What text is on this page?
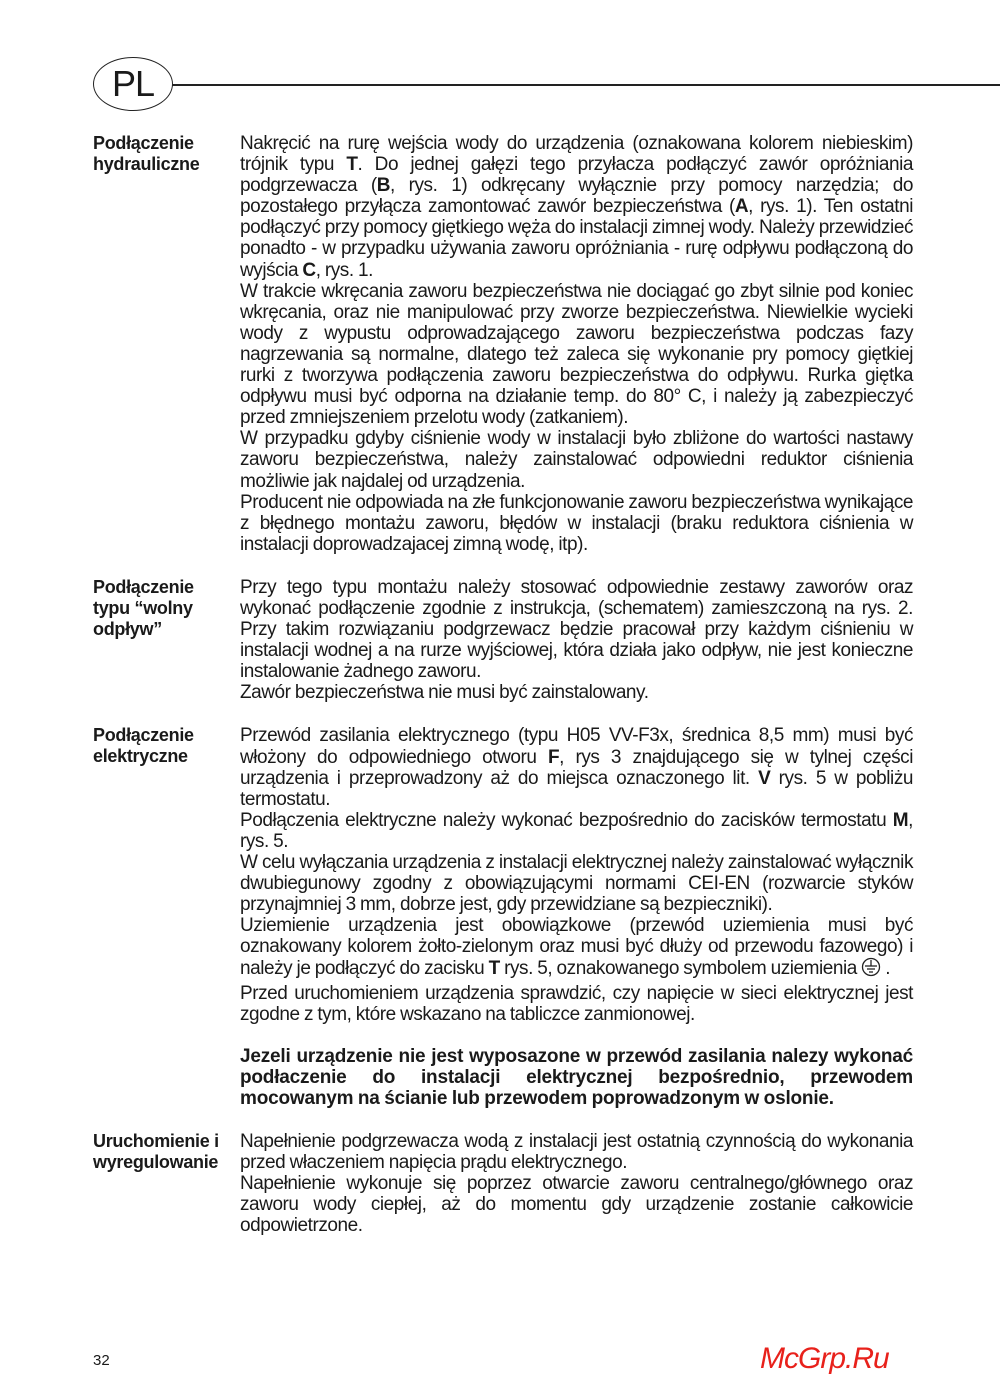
PL
Podłączenie hydrauliczne

Nakręcić na rurę wejścia wody do urządzenia (oznakowana kolorem niebieskim) trójnik typu T. Do jednej gałęzi tego przyłacza podłączyć zawór opróżniania podgrzewacza (B, rys. 1) odkręcany wyłącznie przy pomocy narzędzia; do pozostałego przyłącza zamontować zawór bezpieczeństwa (A, rys. 1). Ten ostatni podłączyć przy pomocy giętkiego węża do instalacji zimnej wody. Należy przewidzieć ponadto - w przypadku używania zaworu opróżniania - rurę odpływu podłączoną do wyjścia C, rys. 1.

W trakcie wkręcania zaworu bezpieczeństwa nie dociągać go zbyt silnie pod koniec wkręcania, oraz nie manipulować przy zworze bezpieczeństwa. Niewielkie wycieki wody z wypustu odprowadzającego zaworu bezpieczeństwa podczas fazy nagrzewania są normalne, dlatego też zaleca się wykonanie pry pomocy giętkiej rurki z tworzywa podłączenia zaworu bezpieczeństwa do odpływu. Rurka giętka odpływu musi być odporna na działanie temp. do 80° C, i należy ją zabezpieczyć przed zmniejszeniem przelotu wody (zatkaniem).

W przypadku gdyby ciśnienie wody w instalacji było zbliżone do wartości nastawy zaworu bezpieczeństwa, należy zainstalować odpowiedni reduktor ciśnienia możliwie jak najdalej od urządzenia.

Producent nie odpowiada na złe funkcjonowanie zaworu bezpieczeństwa wynikające z błędnego montażu zaworu, błędów w instalacji (braku reduktora ciśnienia w instalacji doprowadzajacej zimną wodę, itp).

Podłączenie typu “wolny odpływ”

Przy tego typu montażu należy stosować odpowiednie zestawy zaworów oraz wykonać podłączenie zgodnie z instrukcja, (schematem) zamieszczoną na rys. 2. Przy takim rozwiązaniu podgrzewacz będzie pracował przy każdym ciśnieniu w instalacji wodnej a na rurze wyjściowej, która działa jako odpływ, nie jest konieczne instalowanie żadnego zaworu.

Zawór bezpieczeństwa nie musi być zainstalowany.

Podłączenie elektryczne

Przewód zasilania elektrycznego (typu H05 VV-F3x, średnica 8,5 mm) musi być włożony do odpowiedniego otworu F, rys 3 znajdującego się w tylnej części urządzenia i przeprowadzony aż do miejsca oznaczonego lit. V rys. 5 w pobliżu termostatu.

Podłączenia elektryczne należy wykonać bezpośrednio do zacisków termostatu M, rys. 5.

W celu wyłączania urządzenia z instalacji elektrycznej należy zainstalować wyłącznik dwubiegunowy zgodny z obowiązującymi normami CEI-EN (rozwarcie styków przynajmniej 3 mm, dobrze jest, gdy przewidziane są bezpieczniki).

Uziemienie urządzenia jest obowiązkowe (przewód uziemienia musi być oznakowany kolorem żołto-zielonym oraz musi być dłuży od przewodu fazowego) i należy je podłączyć do zacisku T rys. 5, oznakowanego symbolem uziemienia .

Przed uruchomieniem urządzenia sprawdzić, czy napięcie w sieci elektrycznej jest zgodne z tym, które wskazano na tabliczce zanmionowej.

Jezeli urządzenie nie jest wyposazone w przewód zasilania nalezy wykonać podłaczenie do instalacji elektrycznej bezpośrednio, przewodem mocowanym na ścianie lub przewodem poprowadzonym w oslonie.

Uruchomienie i wyregulowanie

Napełnienie podgrzewacza wodą z instalacji jest ostatnią czynnością do wykonania przed właczeniem napięcia prądu elektrycznego.

Napełnienie wykonuje się poprzez otwarcie zaworu centralnego/głównego oraz zaworu wody ciepłej, aż do momentu gdy urządzenie zostanie całkowicie odpowietrzone.

McGrp.Ru
32
